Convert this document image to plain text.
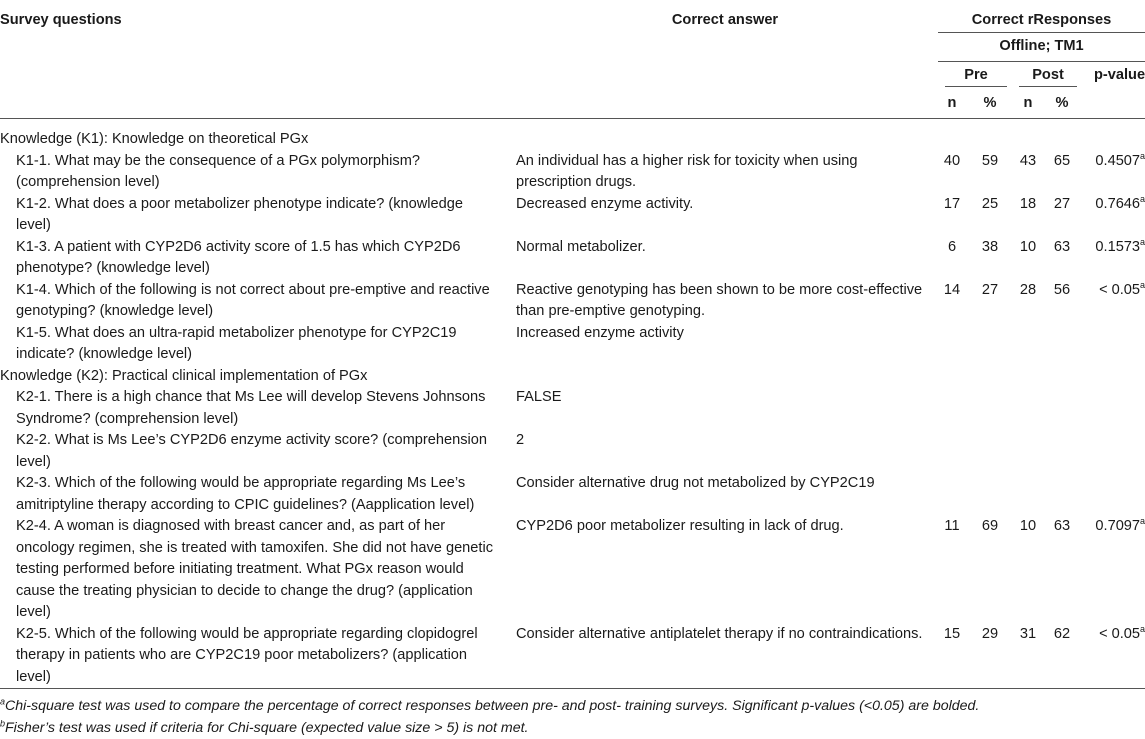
Survey questions	Correct answer	Correct rResponses				
		Offline; TM1				
		Pre		Post		p-value
		n	%	n	%	
Knowledge (K1): Knowledge on theoretical PGx						
K1-1. What may be the consequence of a PGx polymorphism? (comprehension level)	An individual has a higher risk for toxicity when using prescription drugs.	40	59	43	65	0.4507$^a$
K1-2. What does a poor metabolizer phenotype indicate? (knowledge level)	Decreased enzyme activity.	17	25	18	27	0.7646$^a$
K1-3. A patient with CYP2D6 activity score of 1.5 has which CYP2D6 phenotype? (knowledge level)	Normal metabolizer.	6	38	10	63	0.1573$^a$
K1-4. Which of the following is not correct about pre-emptive and reactive genotyping? (knowledge level)	Reactive genotyping has been shown to be more cost-effective than pre-emptive genotyping.	14	27	28	56	< 0.05$^a$
K1-5. What does an ultra-rapid metabolizer phenotype for CYP2C19 indicate? (knowledge level)	Increased enzyme activity					
Knowledge (K2): Practical clinical implementation of PGx						
K2-1. There is a high chance that Ms Lee will develop Stevens Johnsons Syndrome? (comprehension level)	FALSE					
K2-2. What is Ms Lee’s CYP2D6 enzyme activity score? (comprehension level)	2					
K2-3. Which of the following would be appropriate regarding Ms Lee’s amitriptyline therapy according to CPIC guidelines? (Aapplication level)	Consider alternative drug not metabolized by CYP2C19					
K2-4. A woman is diagnosed with breast cancer and, as part of her oncology regimen, she is treated with tamoxifen. She did not have genetic testing performed before initiating treatment. What PGx reason would cause the treating physician to decide to change the drug? (application level)	CYP2D6 poor metabolizer resulting in lack of drug.	11	69	10	63	0.7097$^a$
K2-5. Which of the following would be appropriate regarding clopidogrel therapy in patients who are CYP2C19 poor metabolizers? (application level)	Consider alternative antiplatelet therapy if no contraindications.	15	29	31	62	< 0.05$^a$

$^a$Chi-square test was used to compare the percentage of correct responses between pre- and post- training surveys. Significant p-values (<0.05) are bolded.

$^b$Fisher’s test was used if criteria for Chi-square (expected value size > 5) is not met.
